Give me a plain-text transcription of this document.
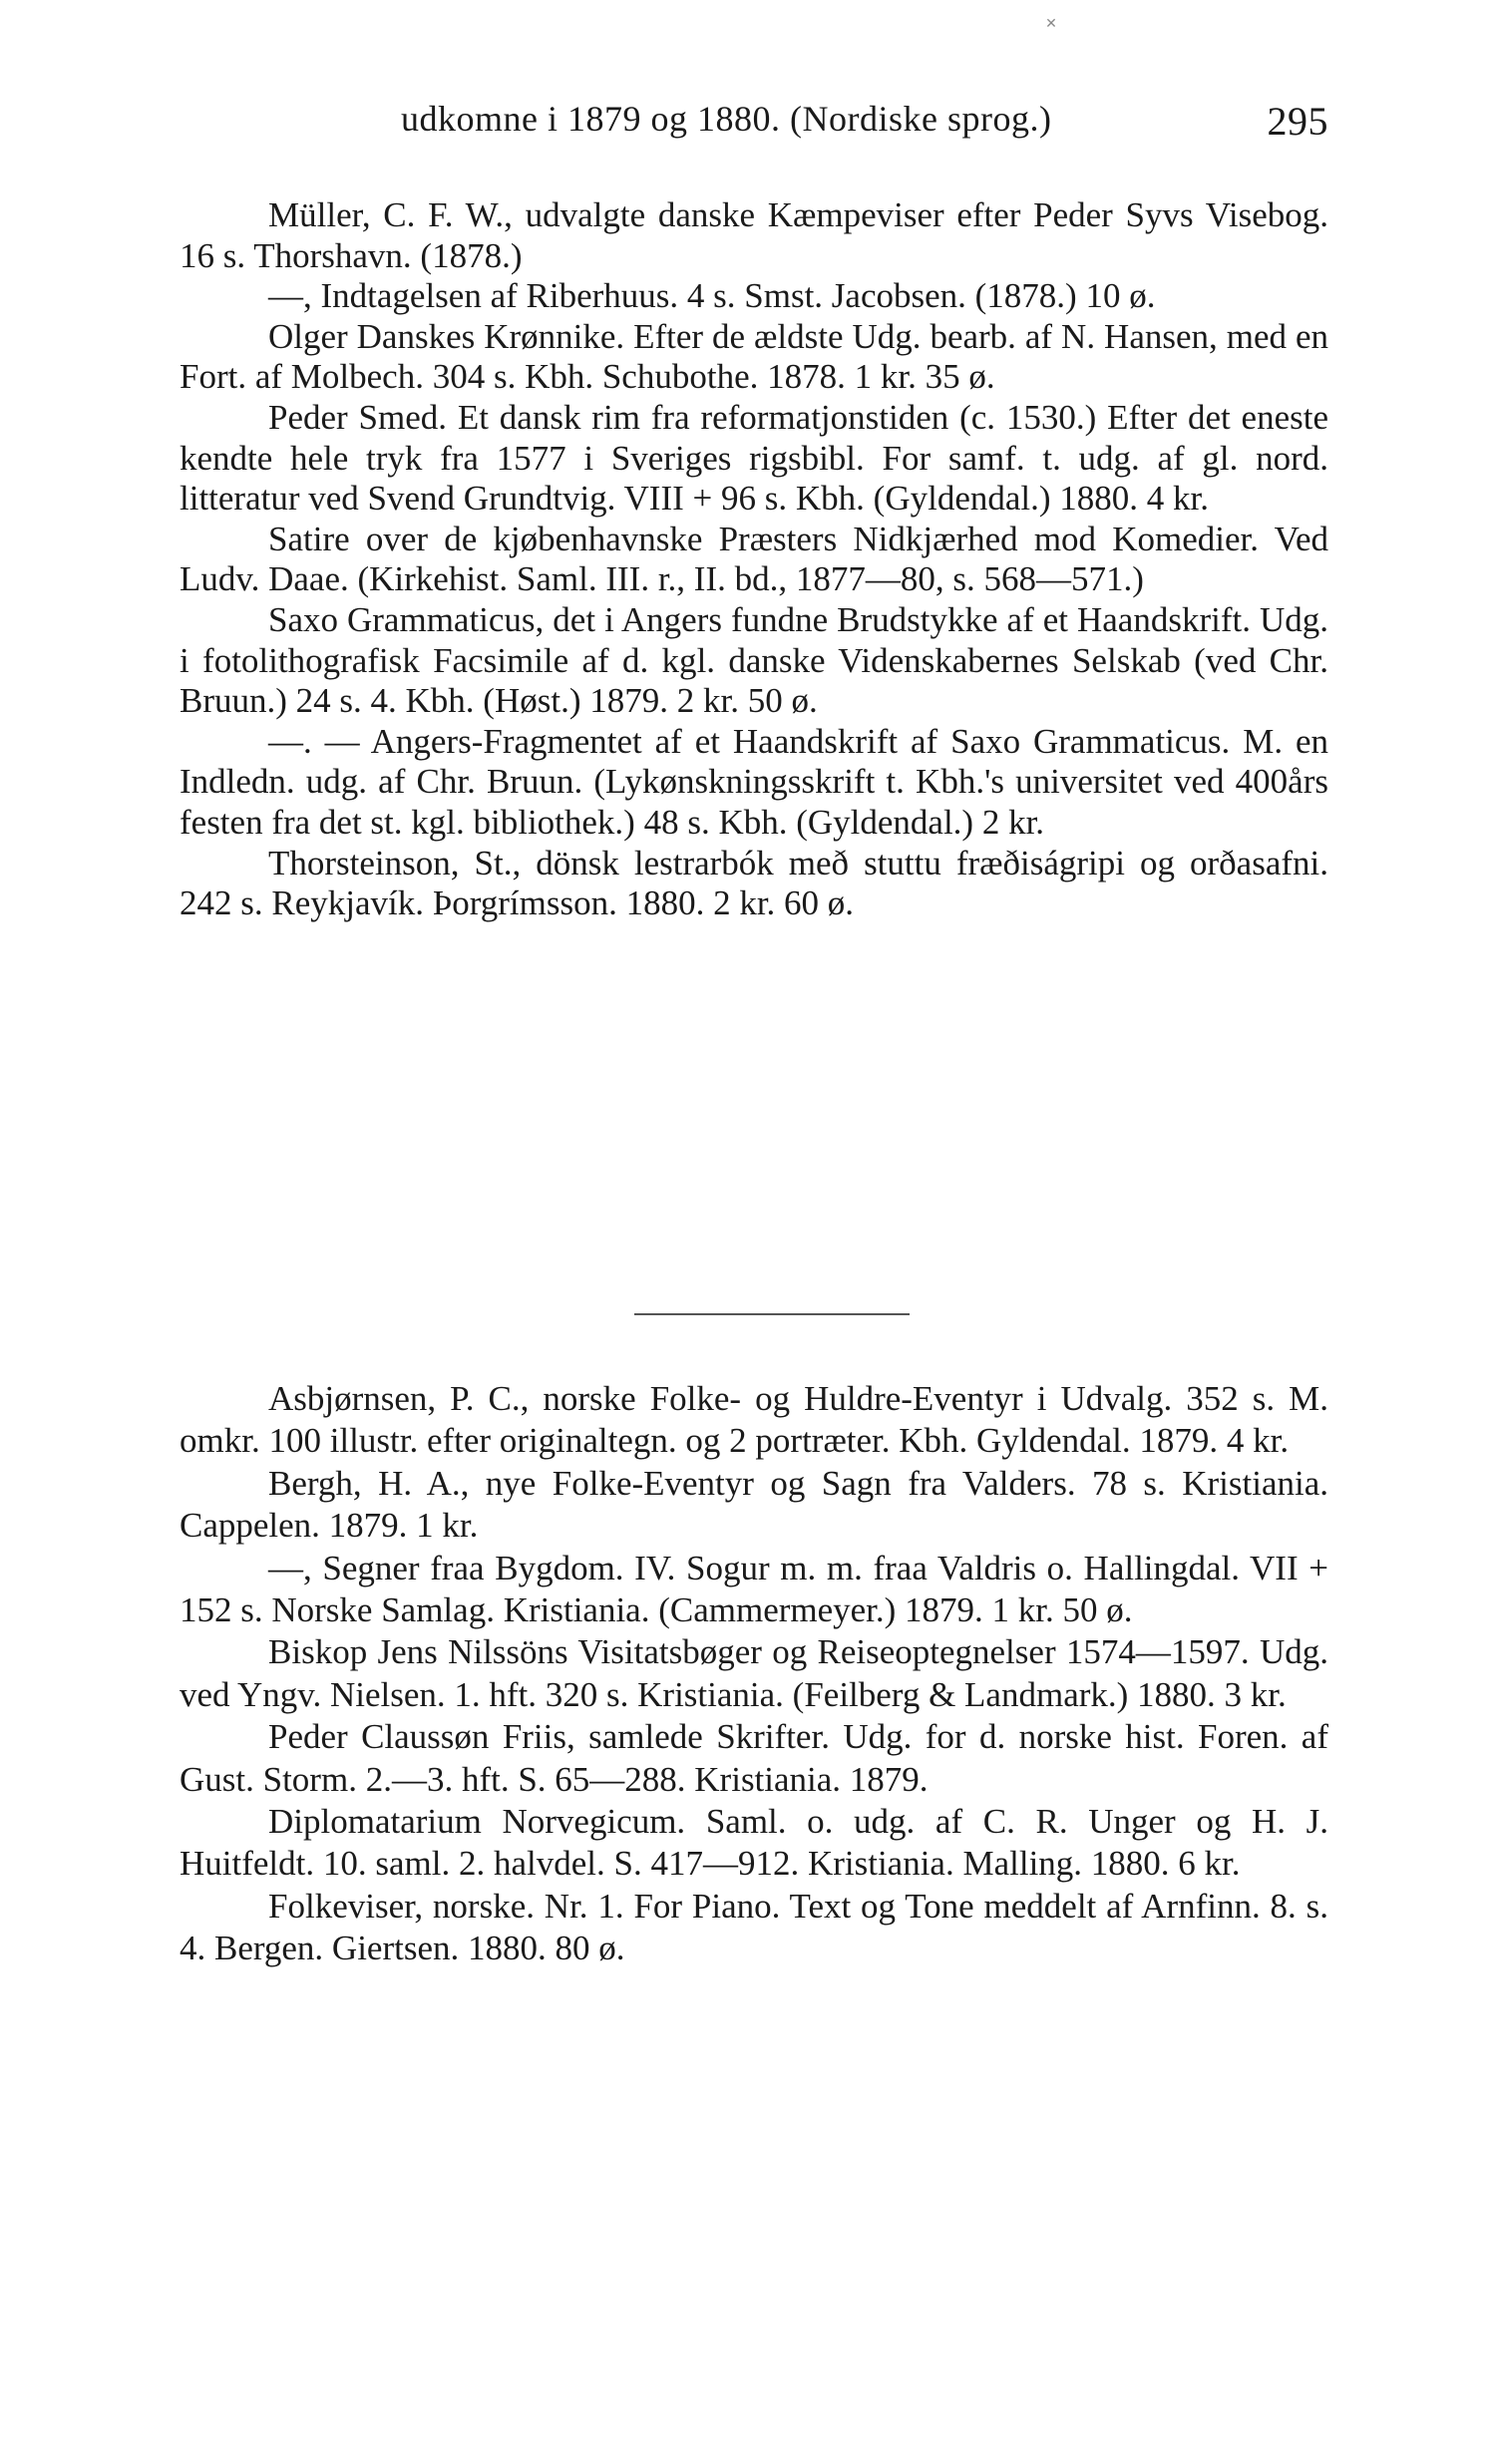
✕
udkomne i 1879 og 1880. (Nordiske sprog.)	295

Müller, C. F. W., udvalgte danske Kæmpeviser efter Peder Syvs Visebog. 16 s. Thorshavn. (1878.)

—, Indtagelsen af Riberhuus. 4 s. Smst. Jacobsen. (1878.) 10 ø.

Olger Danskes Krønnike. Efter de ældste Udg. bearb. af N. Hansen, med en Fort. af Molbech. 304 s. Kbh. Schubothe. 1878. 1 kr. 35 ø.

Peder Smed. Et dansk rim fra reformatjonstiden (c. 1530.) Efter det eneste kendte hele tryk fra 1577 i Sveriges rigsbibl. For samf. t. udg. af gl. nord. litteratur ved Svend Grundtvig. VIII + 96 s. Kbh. (Gyldendal.) 1880. 4 kr.

Satire over de kjøbenhavnske Præsters Nidkjærhed mod Komedier. Ved Ludv. Daae. (Kirkehist. Saml. III. r., II. bd., 1877—80, s. 568—571.)

Saxo Grammaticus, det i Angers fundne Brudstykke af et Haandskrift. Udg. i fotolithografisk Facsimile af d. kgl. danske Videnskabernes Selskab (ved Chr. Bruun.) 24 s. 4. Kbh. (Høst.) 1879. 2 kr. 50 ø.

—. — Angers-Fragmentet af et Haandskrift af Saxo Grammaticus. M. en Indledn. udg. af Chr. Bruun. (Lykønskningsskrift t. Kbh.'s universitet ved 400års festen fra det st. kgl. bibliothek.) 48 s. Kbh. (Gyldendal.) 2 kr.

Thorsteinson, St., dönsk lestrarbók með stuttu fræðiságripi og orðasafni. 242 s. Reykjavík. Þorgrímsson. 1880. 2 kr. 60 ø.

Asbjørnsen, P. C., norske Folke- og Huldre-Eventyr i Udvalg. 352 s. M. omkr. 100 illustr. efter originaltegn. og 2 portræter. Kbh. Gyldendal. 1879. 4 kr.

Bergh, H. A., nye Folke-Eventyr og Sagn fra Valders. 78 s. Kristiania. Cappelen. 1879. 1 kr.

—, Segner fraa Bygdom. IV. Sogur m. m. fraa Valdris o. Hallingdal. VII + 152 s. Norske Samlag. Kristiania. (Cammermeyer.) 1879. 1 kr. 50 ø.

Biskop Jens Nilssöns Visitatsbøger og Reiseoptegnelser 1574—1597. Udg. ved Yngv. Nielsen. 1. hft. 320 s. Kristiania. (Feilberg & Landmark.) 1880. 3 kr.

Peder Claussøn Friis, samlede Skrifter. Udg. for d. norske hist. Foren. af Gust. Storm. 2.—3. hft. S. 65—288. Kristiania. 1879.

Diplomatarium Norvegicum. Saml. o. udg. af C. R. Unger og H. J. Huitfeldt. 10. saml. 2. halvdel. S. 417—912. Kristiania. Malling. 1880. 6 kr.

Folkeviser, norske. Nr. 1. For Piano. Text og Tone meddelt af Arnfinn. 8. s. 4. Bergen. Giertsen. 1880. 80 ø.
